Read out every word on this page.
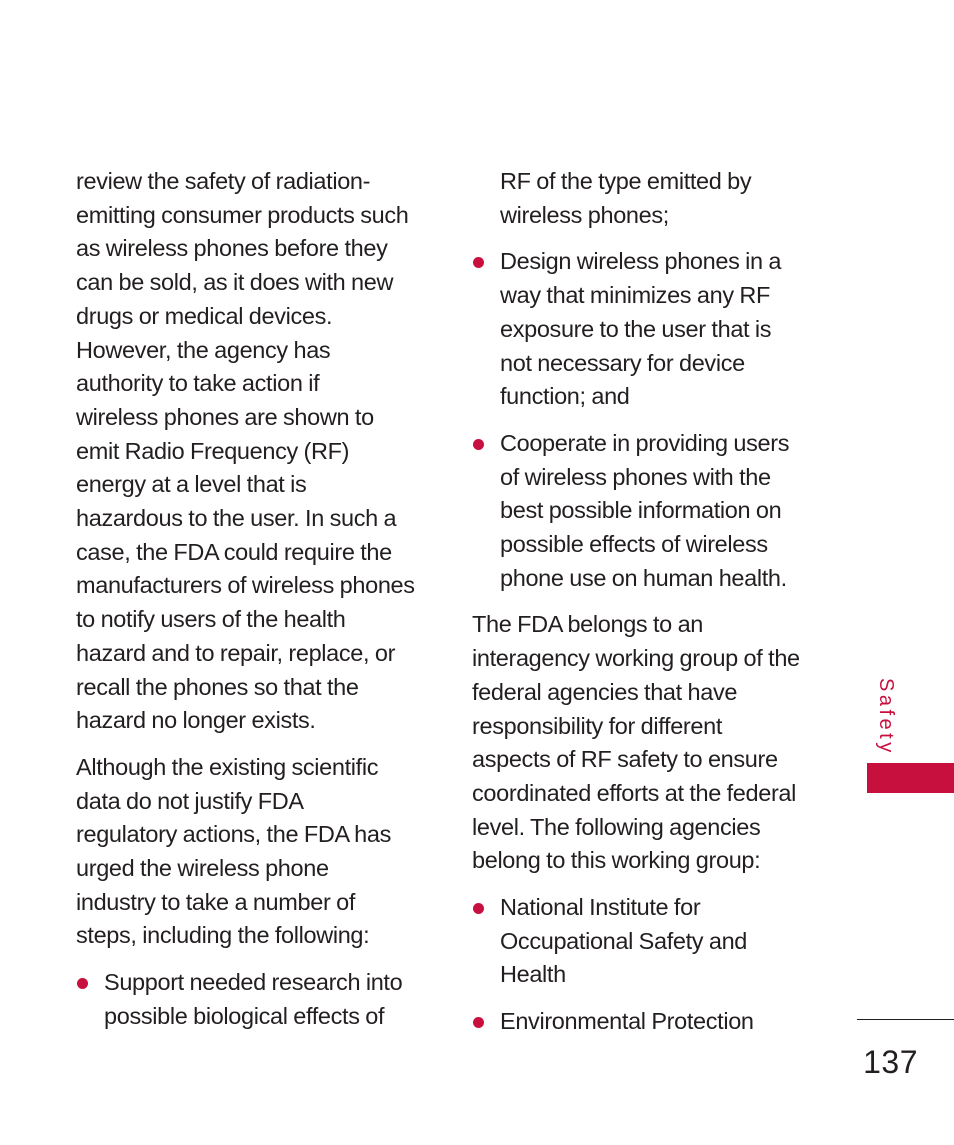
review the safety of radiation-
emitting consumer products such
as wireless phones before they
can be sold, as it does with new
drugs or medical devices.
However, the agency has
authority to take action if
wireless phones are shown to
emit Radio Frequency (RF)
energy at a level that is
hazardous to the user. In such a
case, the FDA could require the
manufacturers of wireless phones
to notify users of the health
hazard and to repair, replace, or
recall the phones so that the
hazard no longer exists.

Although the existing scientific
data do not justify FDA
regulatory actions, the FDA has
urged the wireless phone
industry to take a number of
steps, including the following:

Support needed research into
possible biological effects of

RF of the type emitted by
wireless phones;

Design wireless phones in a
way that minimizes any RF
exposure to the user that is
not necessary for device
function; and
Cooperate in providing users
of wireless phones with the
best possible information on
possible effects of wireless
phone use on human health.

The FDA belongs to an
interagency working group of the
federal agencies that have
responsibility for different
aspects of RF safety to ensure
coordinated efforts at the federal
level. The following agencies
belong to this working group:

National Institute for
Occupational Safety and
Health
Environmental Protection
Safety
137
